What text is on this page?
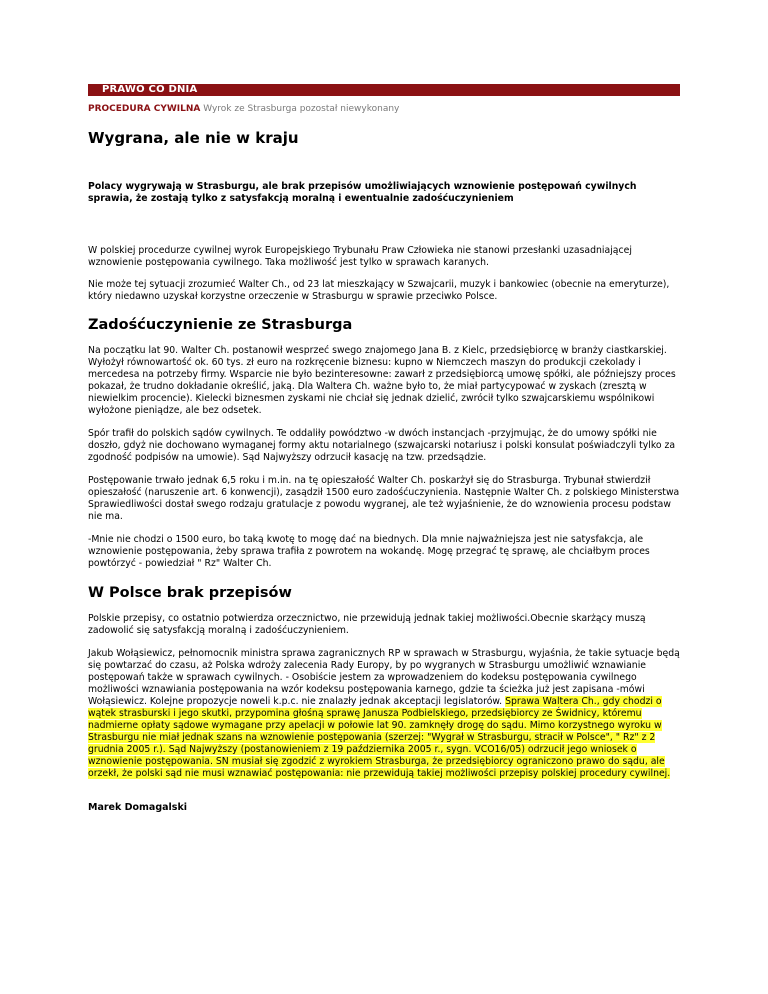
PRAWO CO DNIA
PROCEDURA CYWILNA Wyrok ze Strasburga pozostał niewykonany
Wygrana, ale nie w kraju
Polacy wygrywają w Strasburgu, ale brak przepisów umożliwiających wznowienie postępowań cywilnych sprawia, że zostają tylko z satysfakcją moralną i ewentualnie zadośćuczynieniem

W polskiej procedurze cywilnej wyrok Europejskiego Trybunału Praw Człowieka nie stanowi przesłanki uzasadniającej wznowienie postępowania cywilnego. Taka możliwość jest tylko w sprawach karanych.

Nie może tej sytuacji zrozumieć Walter Ch., od 23 lat mieszkający w Szwajcarii, muzyk i bankowiec (obecnie na emeryturze), który niedawno uzyskał korzystne orzeczenie w Strasburgu w sprawie przeciwko Polsce.

Zadośćuczynienie ze Strasburga

Na początku lat 90. Walter Ch. postanowił wesprzeć swego znajomego Jana B. z Kielc, przedsiębiorcę w branży ciastkarskiej. Wyłożył równowartość ok. 60 tys. zł euro na rozkręcenie biznesu: kupno w Niemczech maszyn do produkcji czekolady i mercedesa na potrzeby firmy. Wsparcie nie było bezinteresowne: zawarł z przedsiębiorcą umowę spółki, ale późniejszy proces pokazał, że trudno dokładanie określić, jaką. Dla Waltera Ch. ważne było to, że miał partycypować w zyskach (zresztą w niewielkim procencie). Kielecki biznesmen zyskami nie chciał się jednak dzielić, zwrócił tylko szwajcarskiemu wspólnikowi wyłożone pieniądze, ale bez odsetek.

Spór trafił do polskich sądów cywilnych. Te oddaliły powództwo -w dwóch instancjach -przyjmując, że do umowy spółki nie doszło, gdyż nie dochowano wymaganej formy aktu notarialnego (szwajcarski notariusz i polski konsulat poświadczyli tylko za zgodność podpisów na umowie). Sąd Najwyższy odrzucił kasację na tzw. przedsądzie.

Postępowanie trwało jednak 6,5 roku i m.in. na tę opieszałość Walter Ch. poskarżył się do Strasburga. Trybunał stwierdził opieszałość (naruszenie art. 6 konwencji), zasądził 1500 euro zadośćuczynienia. Następnie Walter Ch. z polskiego Ministerstwa Sprawiedliwości dostał swego rodzaju gratulacje z powodu wygranej, ale też wyjaśnienie, że do wznowienia procesu podstaw nie ma.

-Mnie nie chodzi o 1500 euro, bo taką kwotę to mogę dać na biednych. Dla mnie najważniejsza jest nie satysfakcja, ale wznowienie postępowania, żeby sprawa trafiła z powrotem na wokandę. Mogę przegrać tę sprawę, ale chciałbym proces powtórzyć - powiedział " Rz" Walter Ch.

W Polsce brak przepisów

Polskie przepisy, co ostatnio potwierdza orzecznictwo, nie przewidują jednak takiej możliwości.Obecnie skarżący muszą zadowolić się satysfakcją moralną i zadośćuczynieniem.

Jakub Wołąsiewicz, pełnomocnik ministra sprawa zagranicznych RP w sprawach w Strasburgu, wyjaśnia, że takie sytuacje będą się powtarzać do czasu, aż Polska wdroży zalecenia Rady Europy, by po wygranych w Strasburgu umożliwić wznawianie postępowań także w sprawach cywilnych. - Osobiście jestem za wprowadzeniem do kodeksu postępowania cywilnego możliwości wznawiania postępowania na wzór kodeksu postępowania karnego, gdzie ta ścieżka już jest zapisana -mówi Wołąsiewicz. Kolejne propozycje noweli k.p.c. nie znalazły jednak akceptacji legislatorów. Sprawa Waltera Ch., gdy chodzi o wątek strasburski i jego skutki, przypomina głośną sprawę Janusza Podbielskiego, przedsiębiorcy ze Świdnicy, któremu nadmierne opłaty sądowe wymagane przy apelacji w połowie lat 90. zamknęły drogę do sądu. Mimo korzystnego wyroku w Strasburgu nie miał jednak szans na wznowienie postępowania (szerzej: "Wygrał w Strasburgu, stracił w Polsce", " Rz" z 2 grudnia 2005 r.). Sąd Najwyższy (postanowieniem z 19 października 2005 r., sygn. VCO16/05) odrzucił jego wniosek o wznowienie postępowania. SN musiał się zgodzić z wyrokiem Strasburga, że przedsiębiorcy ograniczono prawo do sądu, ale orzekł, że polski sąd nie musi wznawiać postępowania: nie przewidują takiej możliwości przepisy polskiej procedury cywilnej.

Marek Domagalski
